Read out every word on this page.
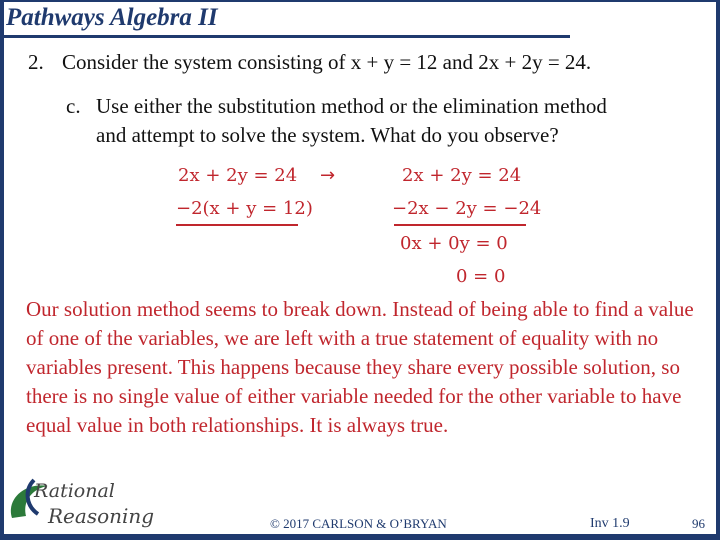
Pathways Algebra II
2. Consider the system consisting of x + y = 12 and 2x + 2y = 24.
c. Use either the substitution method or the elimination method
and attempt to solve the system. What do you observe?
2x + 2y = 24
−2(x + y = 12)
→	2x + 2y = 24
−2x − 2y = −24
0x + 0y = 0
0 = 0
Our solution method seems to break down. Instead of being able to find a value of one of the variables, we are left with a true statement of equality with no variables present. This happens because they share every possible solution, so there is no single value of either variable needed for the other variable to have equal value in both relationships. It is always true.
Rational
Reasoning	© 2017 CARLSON & O’BRYAN	Inv 1.9	96
